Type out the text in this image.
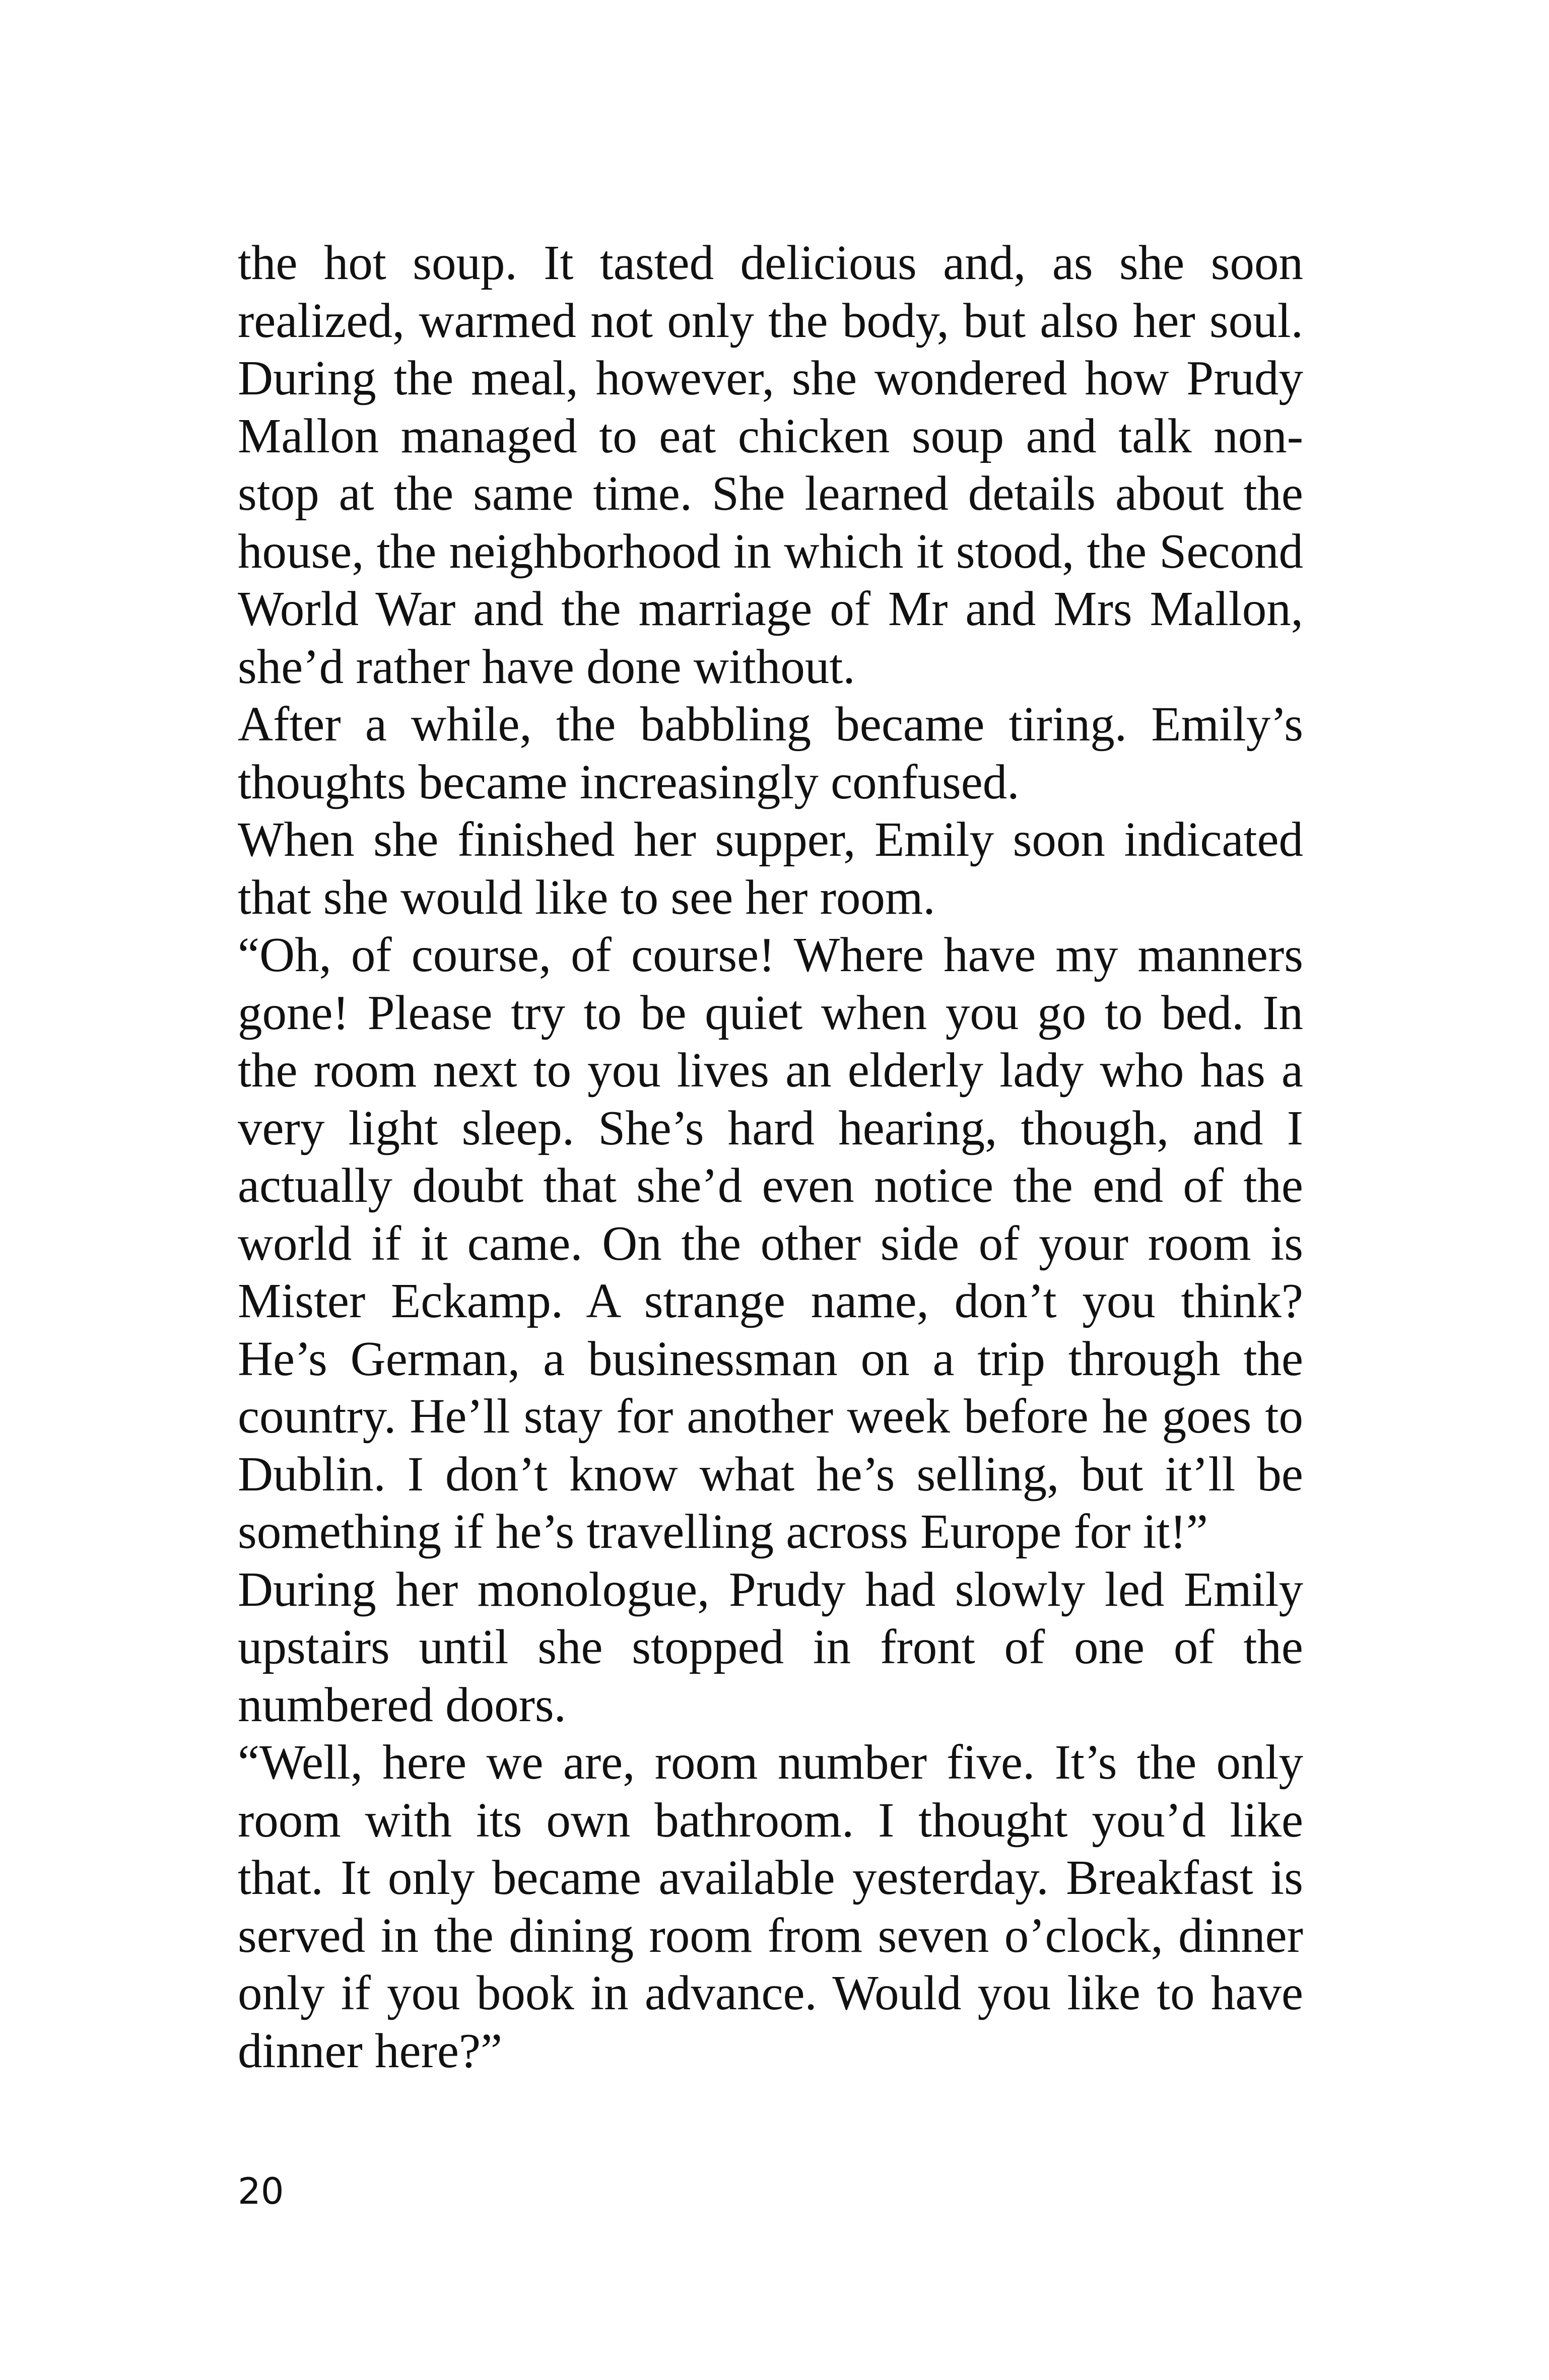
the hot soup. It tasted delicious and, as she soon realized, warmed not only the body, but also her soul. During the meal, however, she wondered how Prudy Mallon managed to eat chicken soup and talk non-stop at the same time. She learned details about the house, the neighborhood in which it stood, the Second World War and the marriage of Mr and Mrs Mallon, she’d rather have done without.

After a while, the babbling became tiring. Emily’s thoughts became increasingly confused.

When she finished her supper, Emily soon indicated that she would like to see her room.

“Oh, of course, of course! Where have my manners gone! Please try to be quiet when you go to bed. In the room next to you lives an elderly lady who has a very light sleep. She’s hard hearing, though, and I actually doubt that she’d even notice the end of the world if it came. On the other side of your room is Mister Eckamp. A strange name, don’t you think? He’s German, a businessman on a trip through the country. He’ll stay for another week before he goes to Dublin. I don’t know what he’s selling, but it’ll be something if he’s travelling across Europe for it!”

During her monologue, Prudy had slowly led Emily upstairs until she stopped in front of one of the numbered doors.

“Well, here we are, room number five. It’s the only room with its own bathroom. I thought you’d like that. It only became available yesterday. Breakfast is served in the dining room from seven o’clock, dinner only if you book in advance. Would you like to have dinner here?”

20
